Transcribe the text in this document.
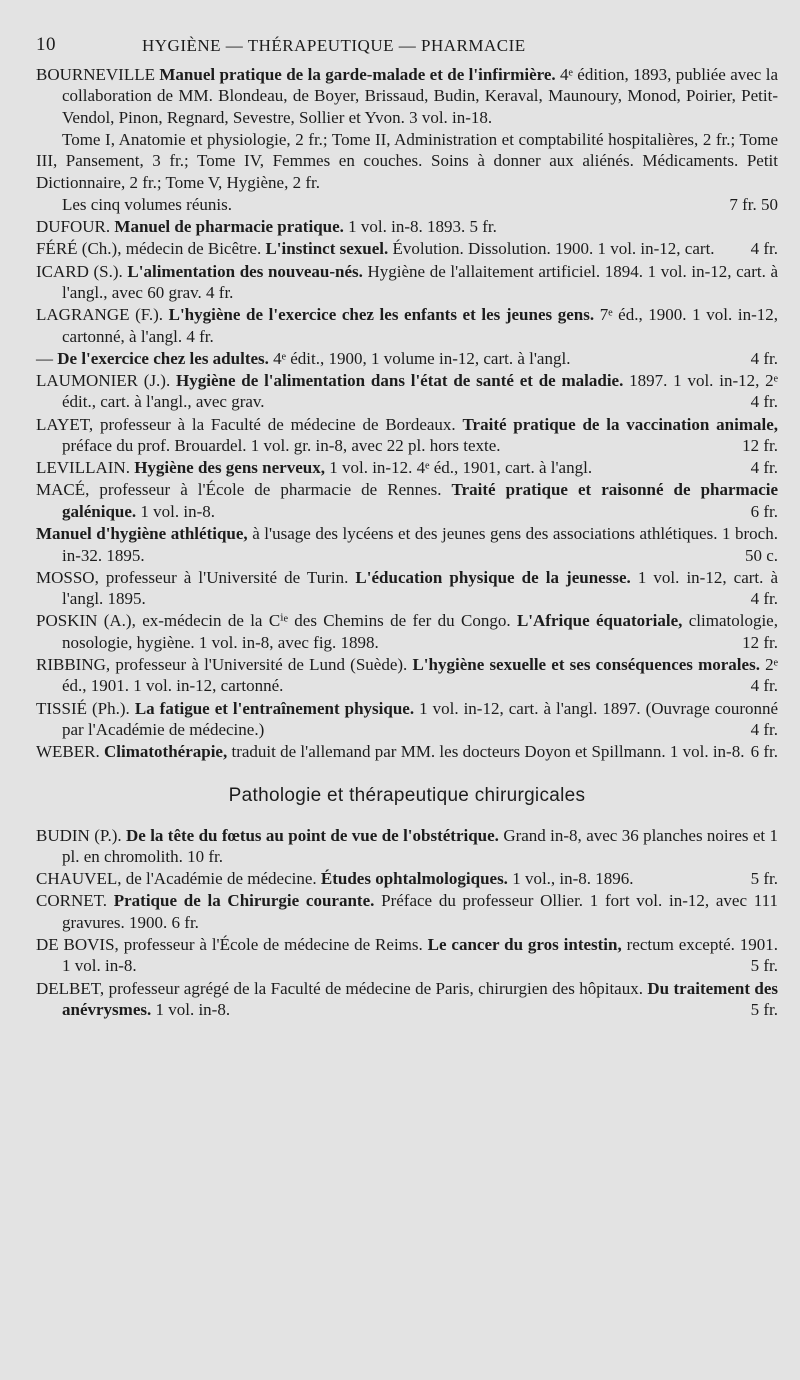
10	HYGIÈNE — THÉRAPEUTIQUE — PHARMACIE

BOURNEVILLE Manuel pratique de la garde-malade et de l'infirmière. 4ᵉ édition, 1893, publiée avec la collaboration de MM. Blondeau, de Boyer, Brissaud, Budin, Keraval, Maunoury, Monod, Poirier, Petit-Vendol, Pinon, Regnard, Sevestre, Sollier et Yvon. 3 vol. in-18.

Tome I, Anatomie et physiologie, 2 fr.; Tome II, Administration et comptabilité hospitalières, 2 fr.; Tome III, Pansement, 3 fr.; Tome IV, Femmes en couches. Soins à donner aux aliénés. Médicaments. Petit Dictionnaire, 2 fr.; Tome V, Hygiène, 2 fr.

Les cinq volumes réunis.	7 fr. 50

DUFOUR. Manuel de pharmacie pratique. 1 vol. in-8. 1893. 5 fr.

FÉRÉ (Ch.), médecin de Bicêtre. L'instinct sexuel. Évolution. Dissolution. 1900. 1 vol. in-12, cart. 4 fr.

ICARD (S.). L'alimentation des nouveau-nés. Hygiène de l'allaitement artificiel. 1894. 1 vol. in-12, cart. à l'angl., avec 60 grav. 4 fr.

LAGRANGE (F.). L'hygiène de l'exercice chez les enfants et les jeunes gens. 7ᵉ éd., 1900. 1 vol. in-12, cartonné, à l'angl. 4 fr.

— De l'exercice chez les adultes. 4ᵉ édit., 1900, 1 volume in-12, cart. à l'angl.	4 fr.

LAUMONIER (J.). Hygiène de l'alimentation dans l'état de santé et de maladie. 1897. 1 vol. in-12, 2ᵉ édit., cart. à l'angl., avec grav.	4 fr.

LAYET, professeur à la Faculté de médecine de Bordeaux. Traité pratique de la vaccination animale, préface du prof. Brouardel. 1 vol. gr. in-8, avec 22 pl. hors texte.	12 fr.

LEVILLAIN. Hygiène des gens nerveux, 1 vol. in-12. 4ᵉ éd., 1901, cart. à l'angl.	4 fr.

MACÉ, professeur à l'École de pharmacie de Rennes. Traité pratique et raisonné de pharmacie galénique. 1 vol. in-8.	6 fr.

Manuel d'hygiène athlétique, à l'usage des lycéens et des jeunes gens des associations athlétiques. 1 broch. in-32. 1895.	50 c.

MOSSO, professeur à l'Université de Turin. L'éducation physique de la jeunesse. 1 vol. in-12, cart. à l'angl. 1895.	4 fr.

POSKIN (A.), ex-médecin de la Cⁱᵉ des Chemins de fer du Congo. L'Afrique équatoriale, climatologie, nosologie, hygiène. 1 vol. in-8, avec fig. 1898.	12 fr.

RIBBING, professeur à l'Université de Lund (Suède). L'hygiène sexuelle et ses conséquences morales. 2ᵉ éd., 1901. 1 vol. in-12, cartonné.	4 fr.

TISSIÉ (Ph.). La fatigue et l'entraînement physique. 1 vol. in-12, cart. à l'angl. 1897. (Ouvrage couronné par l'Académie de médecine.)	4 fr.

WEBER. Climatothérapie, traduit de l'allemand par MM. les docteurs Doyon et Spillmann. 1 vol. in-8. 6 fr.

Pathologie et thérapeutique chirurgicales

BUDIN (P.). De la tête du fœtus au point de vue de l'obstétrique. Grand in-8, avec 36 planches noires et 1 pl. en chromolith. 10 fr.

CHAUVEL, de l'Académie de médecine. Études ophtalmologiques. 1 vol., in-8. 1896.	5 fr.

CORNET. Pratique de la Chirurgie courante. Préface du professeur Ollier. 1 fort vol. in-12, avec 111 gravures. 1900. 6 fr.

DE BOVIS, professeur à l'École de médecine de Reims. Le cancer du gros intestin, rectum excepté. 1901. 1 vol. in-8.	5 fr.

DELBET, professeur agrégé de la Faculté de médecine de Paris, chirurgien des hôpitaux. Du traitement des anévrysmes. 1 vol. in-8.	5 fr.
